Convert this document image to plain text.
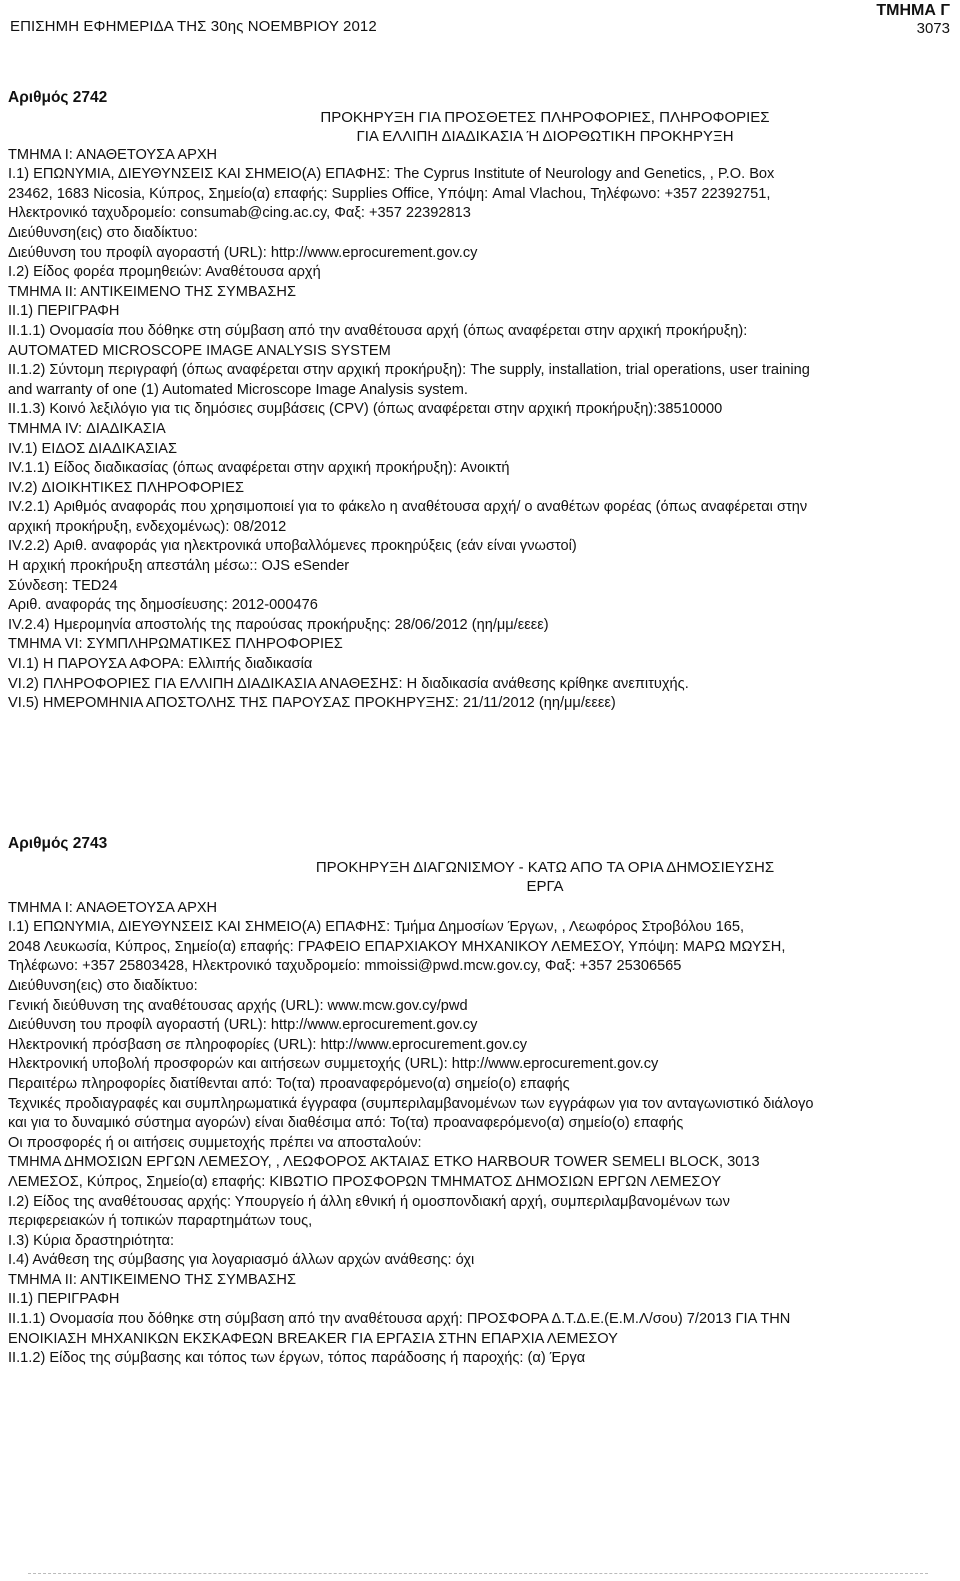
ΕΠΙΣΗΜΗ ΕΦΗΜΕΡΙΔΑ ΤΗΣ 30ης ΝΟΕΜΒΡΙΟΥ 2012
ΤΜΗΜΑ Γ
3073
Αριθμός 2742
ΠΡΟΚΗΡΥΞΗ ΓΙΑ ΠΡΟΣΘΕΤΕΣ ΠΛΗΡΟΦΟΡΙΕΣ, ΠΛΗΡΟΦΟΡΙΕΣ
ΓΙΑ ΕΛΛΙΠΗ ΔΙΑΔΙΚΑΣΙΑ Ή ΔΙΟΡΘΩΤΙΚΗ ΠΡΟΚΗΡΥΞΗ
ΤΜΗΜΑ Ι: ΑΝΑΘΕΤΟΥΣΑ ΑΡΧΗ
Ι.1) ΕΠΩΝΥΜΙΑ, ΔΙΕΥΘΥΝΣΕΙΣ ΚΑΙ ΣΗΜΕΙΟ(Α) ΕΠΑΦΗΣ: The Cyprus Institute of Neurology and Genetics, , P.O. Box
23462, 1683 Nicosia, Κύπρος, Σημείο(α) επαφής: Supplies Office, Υπόψη: Amal Vlachou, Τηλέφωνο: +357 22392751,
Ηλεκτρονικό ταχυδρομείο: consumab@cing.ac.cy, Φαξ: +357 22392813
Διεύθυνση(εις) στο διαδίκτυο:
Διεύθυνση του προφίλ αγοραστή (URL): http://www.eprocurement.gov.cy
Ι.2) Είδος φορέα προμηθειών: Αναθέτουσα αρχή
ΤΜΗΜΑ ΙΙ: ΑΝΤΙΚΕΙΜΕΝΟ ΤΗΣ ΣΥΜΒΑΣΗΣ
ΙΙ.1) ΠΕΡΙΓΡΑΦΗ
ΙΙ.1.1) Ονομασία που δόθηκε στη σύμβαση από την αναθέτουσα αρχή (όπως αναφέρεται στην αρχική προκήρυξη):
AUTOMATED MICROSCOPE IMAGE ANALYSIS SYSTEM
ΙΙ.1.2) Σύντομη περιγραφή (όπως αναφέρεται στην αρχική προκήρυξη): The supply, installation, trial operations, user training
and warranty of one (1) Automated Microscope Image Analysis system.
ΙΙ.1.3) Κοινό λεξιλόγιο για τις δημόσιες συμβάσεις (CPV) (όπως αναφέρεται στην αρχική προκήρυξη):38510000
ΤΜΗΜΑ IV: ΔΙΑΔΙΚΑΣΙΑ
IV.1) ΕΙΔΟΣ ΔΙΑΔΙΚΑΣΙΑΣ
IV.1.1) Είδος διαδικασίας (όπως αναφέρεται στην αρχική προκήρυξη): Ανοικτή
IV.2) ΔΙΟΙΚΗΤΙΚΕΣ ΠΛΗΡΟΦΟΡΙΕΣ
IV.2.1) Αριθμός αναφοράς που χρησιμοποιεί για το φάκελο η αναθέτουσα αρχή/ ο αναθέτων φορέας (όπως αναφέρεται στην
αρχική προκήρυξη, ενδεχομένως): 08/2012
IV.2.2) Αριθ. αναφοράς για ηλεκτρονικά υποβαλλόμενες προκηρύξεις (εάν είναι γνωστοί)
Η αρχική προκήρυξη απεστάλη μέσω:: OJS eSender
Σύνδεση: TED24
Αριθ. αναφοράς της δημοσίευσης: 2012-000476
IV.2.4) Ημερομηνία αποστολής της παρούσας προκήρυξης: 28/06/2012 (ηη/μμ/εεεε)
ΤΜΗΜΑ VI: ΣΥΜΠΛΗΡΩΜΑΤΙΚΕΣ ΠΛΗΡΟΦΟΡΙΕΣ
VI.1) Η ΠΑΡΟΥΣΑ ΑΦΟΡΑ: Ελλιπής διαδικασία
VI.2) ΠΛΗΡΟΦΟΡΙΕΣ ΓΙΑ ΕΛΛΙΠΗ ΔΙΑΔΙΚΑΣΙΑ ΑΝΑΘΕΣΗΣ: Η διαδικασία ανάθεσης κρίθηκε ανεπιτυχής.
VI.5) ΗΜΕΡΟΜΗΝΙΑ ΑΠΟΣΤΟΛΗΣ ΤΗΣ ΠΑΡΟΥΣΑΣ ΠΡΟΚΗΡΥΞΗΣ: 21/11/2012 (ηη/μμ/εεεε)
Αριθμός 2743
ΠΡΟΚΗΡΥΞΗ ΔΙΑΓΩΝΙΣΜΟΥ - ΚΑΤΩ ΑΠΟ ΤΑ ΟΡΙΑ ΔΗΜΟΣΙΕΥΣΗΣ
ΕΡΓΑ
ΤΜΗΜΑ Ι: ΑΝΑΘΕΤΟΥΣΑ ΑΡΧΗ
Ι.1) ΕΠΩΝΥΜΙΑ, ΔΙΕΥΘΥΝΣΕΙΣ ΚΑΙ ΣΗΜΕΙΟ(Α) ΕΠΑΦΗΣ: Τμήμα Δημοσίων Έργων, , Λεωφόρος Στροβόλου 165,
2048 Λευκωσία, Κύπρος, Σημείο(α) επαφής: ΓΡΑΦΕΙΟ ΕΠΑΡΧΙΑΚΟΥ ΜΗΧΑΝΙΚΟΥ ΛΕΜΕΣΟΥ, Υπόψη: ΜΑΡΩ ΜΩΥΣΗ,
Τηλέφωνο: +357 25803428, Ηλεκτρονικό ταχυδρομείο: mmoissi@pwd.mcw.gov.cy, Φαξ: +357 25306565
Διεύθυνση(εις) στο διαδίκτυο:
Γενική διεύθυνση της αναθέτουσας αρχής (URL): www.mcw.gov.cy/pwd
Διεύθυνση του προφίλ αγοραστή (URL): http://www.eprocurement.gov.cy
Ηλεκτρονική πρόσβαση σε πληροφορίες (URL): http://www.eprocurement.gov.cy
Ηλεκτρονική υποβολή προσφορών και αιτήσεων συμμετοχής (URL): http://www.eprocurement.gov.cy
Περαιτέρω πληροφορίες διατίθενται από: Το(τα) προαναφερόμενο(α) σημείο(ο) επαφής
Τεχνικές προδιαγραφές και συμπληρωματικά έγγραφα (συμπεριλαμβανομένων των εγγράφων για τον ανταγωνιστικό διάλογο
και για το δυναμικό σύστημα αγορών) είναι διαθέσιμα από: Το(τα) προαναφερόμενο(α) σημείο(ο) επαφής
Οι προσφορές ή οι αιτήσεις συμμετοχής πρέπει να αποσταλούν:
ΤΜΗΜΑ ΔΗΜΟΣΙΩΝ ΕΡΓΩΝ ΛΕΜΕΣΟΥ, , ΛΕΩΦΟΡΟΣ ΑΚΤΑΙΑΣ ΕΤΚΟ HARBOUR TOWER SEMELI BLOCK, 3013
ΛΕΜΕΣΟΣ, Κύπρος, Σημείο(α) επαφής: ΚΙΒΩΤΙΟ ΠΡΟΣΦΟΡΩΝ ΤΜΗΜΑΤΟΣ ΔΗΜΟΣΙΩΝ ΕΡΓΩΝ ΛΕΜΕΣΟΥ
Ι.2) Είδος της αναθέτουσας αρχής: Υπουργείο ή άλλη εθνική ή ομοσπονδιακή αρχή, συμπεριλαμβανομένων των
περιφερειακών ή τοπικών παραρτημάτων τους,
Ι.3) Κύρια δραστηριότητα:
Ι.4) Ανάθεση της σύμβασης για λογαριασμό άλλων αρχών ανάθεσης: όχι
ΤΜΗΜΑ ΙΙ: ΑΝΤΙΚΕΙΜΕΝΟ ΤΗΣ ΣΥΜΒΑΣΗΣ
ΙΙ.1) ΠΕΡΙΓΡΑΦΗ
ΙΙ.1.1) Ονομασία που δόθηκε στη σύμβαση από την αναθέτουσα αρχή: ΠΡΟΣΦΟΡΑ Δ.Τ.Δ.Ε.(Ε.Μ.Λ/σου) 7/2013 ΓΙΑ ΤΗΝ
ΕΝΟΙΚΙΑΣΗ ΜΗΧΑΝΙΚΩΝ ΕΚΣΚΑΦΕΩΝ BREAKER ΓΙΑ ΕΡΓΑΣΙΑ ΣΤΗΝ ΕΠΑΡΧΙΑ ΛΕΜΕΣΟΥ
ΙΙ.1.2) Είδος της σύμβασης και τόπος των έργων, τόπος παράδοσης ή παροχής: (α) Έργα
